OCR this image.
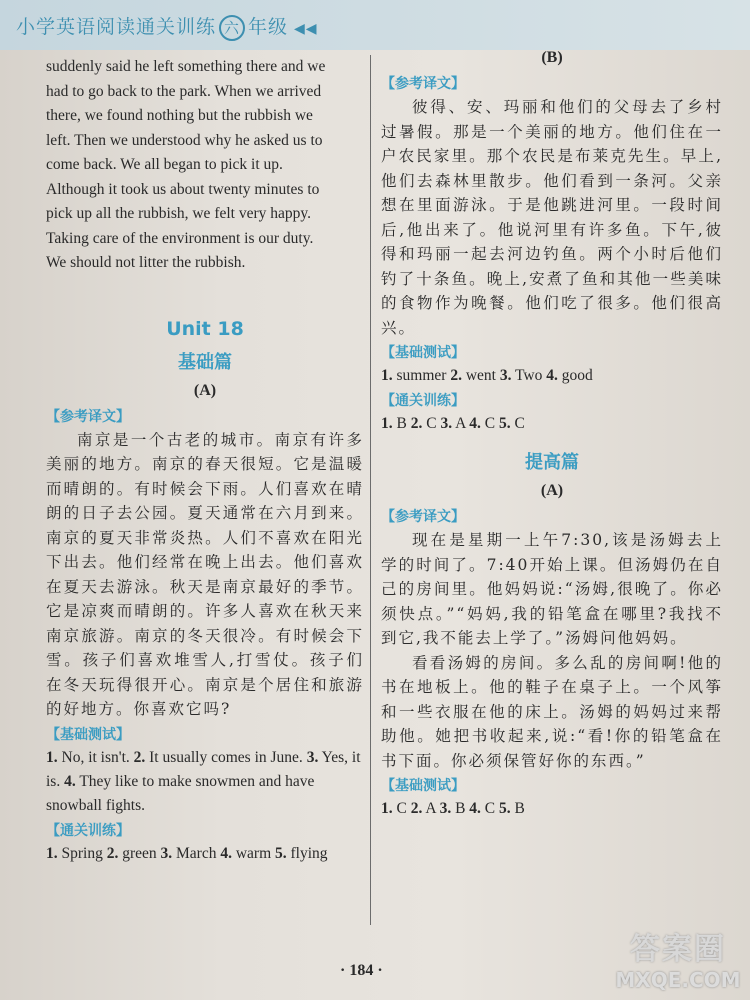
小学英语阅读通关训练 六 年级 ◀◀

suddenly said he left something there and we

had to go back to the park. When we arrived

there, we found nothing but the rubbish we

left. Then we understood why he asked us to

come back. We all began to pick it up.

Although it took us about twenty minutes to

pick up all the rubbish, we felt very happy.

Taking care of the environment is our duty.

We should not litter the rubbish.

Unit 18
基础篇
(A)
【 参考译文 】

南京是一个古老的城市。南京有许多美丽的地方。南京的春天很短。它是温暖而晴朗的。有时候会下雨。人们喜欢在晴朗的日子去公园。夏天通常在六月到来。南京的夏天非常炎热。人们不喜欢在阳光下出去。他们经常在晚上出去。他们喜欢在夏天去游泳。秋天是南京最好的季节。它是凉爽而晴朗的。许多人喜欢在秋天来南京旅游。南京的冬天很冷。有时候会下雪。孩子们喜欢堆雪人,打雪仗。孩子们在冬天玩得很开心。南京是个居住和旅游的好地方。你喜欢它吗?

【 基础测试 】

1. No, it isn't. 2. It usually comes in June. 3. Yes, it is. 4. They like to make snowmen and have snowball fights.

【 通关训练 】

1. Spring 2. green 3. March 4. warm 5. flying

(B)
【 参考译文 】

彼得、安、玛丽和他们的父母去了乡村过暑假。那是一个美丽的地方。他们住在一户农民家里。那个农民是布莱克先生。早上,他们去森林里散步。他们看到一条河。父亲想在里面游泳。于是他跳进河里。一段时间后,他出来了。他说河里有许多鱼。下午,彼得和玛丽一起去河边钓鱼。两个小时后他们钓了十条鱼。晚上,安煮了鱼和其他一些美味的食物作为晚餐。他们吃了很多。他们很高兴。

【 基础测试 】

1. summer 2. went 3. Two 4. good

【 通关训练 】

1. B 2. C 3. A 4. C 5. C

提高篇
(A)
【 参考译文 】

现在是星期一上午7:30,该是汤姆去上学的时间了。7:40开始上课。但汤姆仍在自己的房间里。他妈妈说:“汤姆,很晚了。你必须快点。”“妈妈,我的铅笔盒在哪里?我找不到它,我不能去上学了。”汤姆问他妈妈。

看看汤姆的房间。多么乱的房间啊!他的书在地板上。他的鞋子在桌子上。一个风筝和一些衣服在他的床上。汤姆的妈妈过来帮助他。她把书收起来,说:“看!你的铅笔盒在书下面。你必须保管好你的东西。”

【 基础测试 】

1. C 2. A 3. B 4. C 5. B

· 184 ·
答案圈
MXQE.COM
